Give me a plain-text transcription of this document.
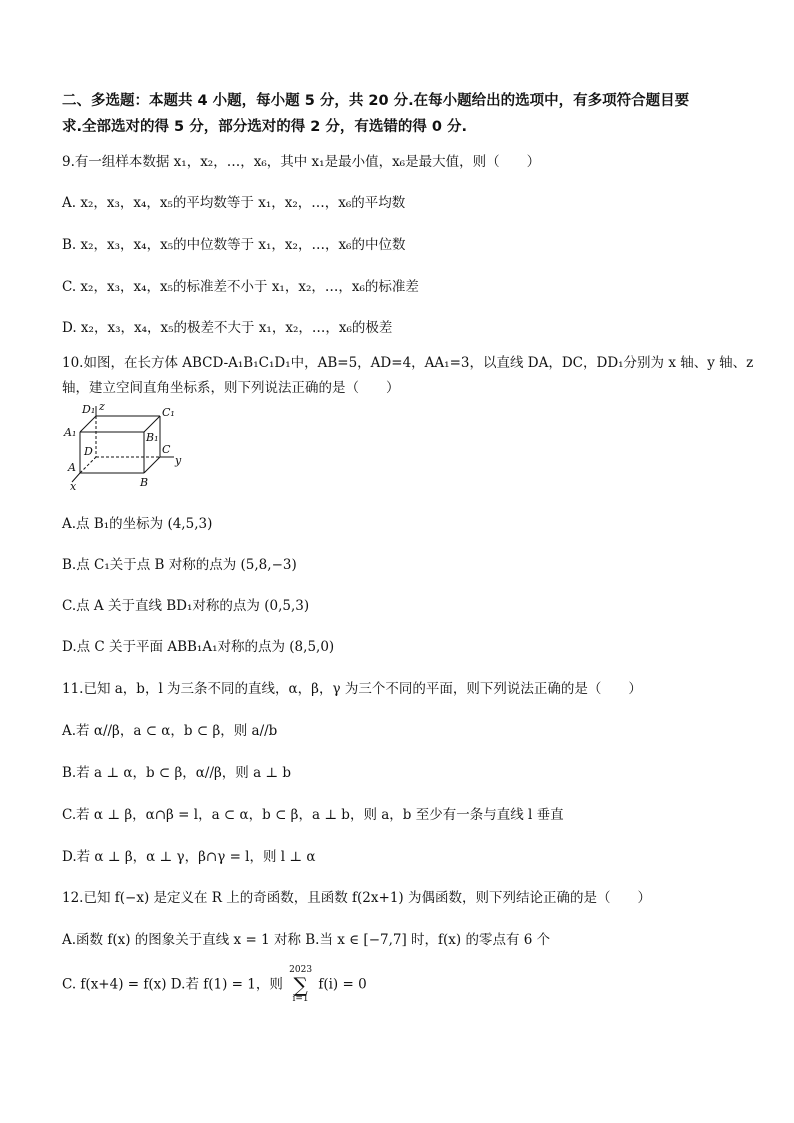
二、多选题：本题共 4 小题，每小题 5 分，共 20 分.在每小题给出的选项中，有多项符合题目要
求.全部选对的得 5 分，部分选对的得 2 分，有选错的得 0 分.
9.有一组样本数据 x₁，x₂，…，x₆，其中 x₁是最小值，x₆是最大值，则（　　）
A. x₂，x₃，x₄，x₅的平均数等于 x₁，x₂，…，x₆的平均数
B. x₂，x₃，x₄，x₅的中位数等于 x₁，x₂，…，x₆的中位数
C. x₂，x₃，x₄，x₅的标准差不小于 x₁，x₂，…，x₆的标准差
D. x₂，x₃，x₄，x₅的极差不大于 x₁，x₂，…，x₆的极差
10.如图，在长方体 ABCD-A₁B₁C₁D₁中，AB=5，AD=4，AA₁=3，以直线 DA，DC，DD₁分别为 x 轴、y 轴、z
轴，建立空间直角坐标系，则下列说法正确的是（　　）
D₁ z	C₁
A₁	B₁
D	C
y
A
B
x
A.点 B₁的坐标为 (4,5,3)
B.点 C₁关于点 B 对称的点为 (5,8,−3)
C.点 A 关于直线 BD₁对称的点为 (0,5,3)
D.点 C 关于平面 ABB₁A₁对称的点为 (8,5,0)
11.已知 a，b，l 为三条不同的直线，α，β，γ 为三个不同的平面，则下列说法正确的是（　　）
A.若 α//β，a ⊂ α，b ⊂ β，则 a//b
B.若 a ⊥ α，b ⊂ β，α//β，则 a ⊥ b
C.若 α ⊥ β，α∩β = l，a ⊂ α，b ⊂ β，a ⊥ b，则 a，b 至少有一条与直线 l 垂直
D.若 α ⊥ β，α ⊥ γ，β∩γ = l，则 l ⊥ α
12.已知 f(−x) 是定义在 R 上的奇函数，且函数 f(2x+1) 为偶函数，则下列结论正确的是（　　）
A.函数 f(x) 的图象关于直线 x = 1 对称 B.当 x ∈ [−7,7] 时，f(x) 的零点有 6 个
C. f(x+4) = f(x) D.若 f(1) = 1，则
2023
∑
i=1
f(i) = 0
